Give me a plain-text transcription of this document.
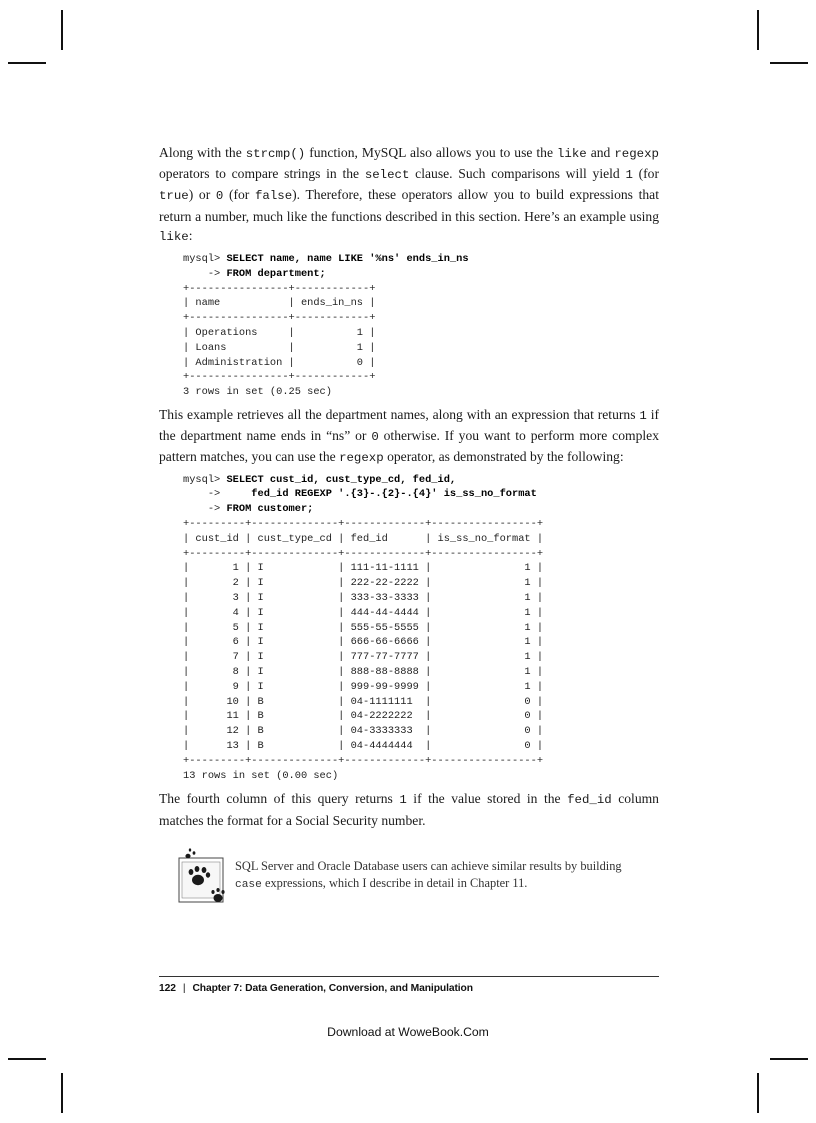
Along with the strcmp() function, MySQL also allows you to use the like and regexp operators to compare strings in the select clause. Such comparisons will yield 1 (for true) or 0 (for false). Therefore, these operators allow you to build expressions that return a number, much like the functions described in this section. Here’s an example using like:

mysql> SELECT name, name LIKE '%ns' ends_in_ns
-> FROM department;
+----------------+------------+
| name           | ends_in_ns |
+----------------+------------+
| Operations     |          1 |
| Loans          |          1 |
| Administration |          0 |
+----------------+------------+
3 rows in set (0.25 sec)

This example retrieves all the department names, along with an expression that returns 1 if the department name ends in “ns” or 0 otherwise. If you want to perform more complex pattern matches, you can use the regexp operator, as demonstrated by the following:

mysql> SELECT cust_id, cust_type_cd, fed_id,
->     fed_id REGEXP '.{3}-.{2}-.{4}' is_ss_no_format
-> FROM customer;
+---------+--------------+-------------+-----------------+
| cust_id | cust_type_cd | fed_id      | is_ss_no_format |
+---------+--------------+-------------+-----------------+
|       1 | I            | 111-11-1111 |               1 |
|       2 | I            | 222-22-2222 |               1 |
|       3 | I            | 333-33-3333 |               1 |
|       4 | I            | 444-44-4444 |               1 |
|       5 | I            | 555-55-5555 |               1 |
|       6 | I            | 666-66-6666 |               1 |
|       7 | I            | 777-77-7777 |               1 |
|       8 | I            | 888-88-8888 |               1 |
|       9 | I            | 999-99-9999 |               1 |
|      10 | B            | 04-1111111  |               0 |
|      11 | B            | 04-2222222  |               0 |
|      12 | B            | 04-3333333  |               0 |
|      13 | B            | 04-4444444  |               0 |
+---------+--------------+-------------+-----------------+
13 rows in set (0.00 sec)

The fourth column of this query returns 1 if the value stored in the fed_id column matches the format for a Social Security number.

SQL Server and Oracle Database users can achieve similar results by building case expressions, which I describe in detail in Chapter 11.
122 | Chapter 7: Data Generation, Conversion, and Manipulation
Download at WoweBook.Com
